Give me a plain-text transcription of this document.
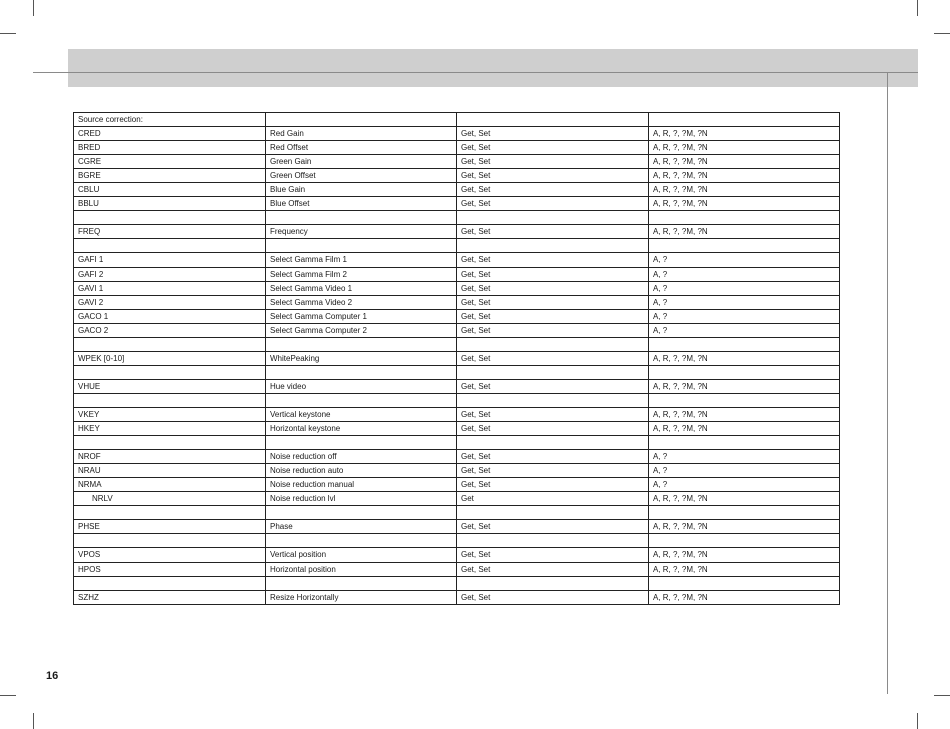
Source correction:			
CRED	Red Gain	Get, Set	A, R, ?, ?M, ?N
BRED	Red Offset	Get, Set	A, R, ?, ?M, ?N
CGRE	Green Gain	Get, Set	A, R, ?, ?M, ?N
BGRE	Green Offset	Get, Set	A, R, ?, ?M, ?N
CBLU	Blue Gain	Get, Set	A, R, ?, ?M, ?N
BBLU	Blue Offset	Get, Set	A, R, ?, ?M, ?N

FREQ	Frequency	Get, Set	A, R, ?, ?M, ?N

GAFI 1	Select Gamma Film 1	Get, Set	A, ?
GAFI 2	Select Gamma Film 2	Get, Set	A, ?
GAVI 1	Select Gamma Video 1	Get, Set	A, ?
GAVI 2	Select Gamma Video 2	Get, Set	A, ?
GACO 1	Select Gamma Computer 1	Get, Set	A, ?
GACO 2	Select Gamma Computer 2	Get, Set	A, ?

WPEK [0-10]	WhitePeaking	Get, Set	A, R, ?, ?M, ?N

VHUE	Hue video	Get, Set	A, R, ?, ?M, ?N

VKEY	Vertical keystone	Get, Set	A, R, ?, ?M, ?N
HKEY	Horizontal keystone	Get, Set	A, R, ?, ?M, ?N

NROF	Noise reduction off	Get, Set	A, ?
NRAU	Noise reduction auto	Get, Set	A, ?
NRMA	Noise reduction manual	Get, Set	A, ?
NRLV	Noise reduction lvl	Get	A, R, ?, ?M, ?N

PHSE	Phase	Get, Set	A, R, ?, ?M, ?N

VPOS	Vertical position	Get, Set	A, R, ?, ?M, ?N
HPOS	Horizontal position	Get, Set	A, R, ?, ?M, ?N

SZHZ	Resize Horizontally	Get, Set	A, R, ?, ?M, ?N
16
